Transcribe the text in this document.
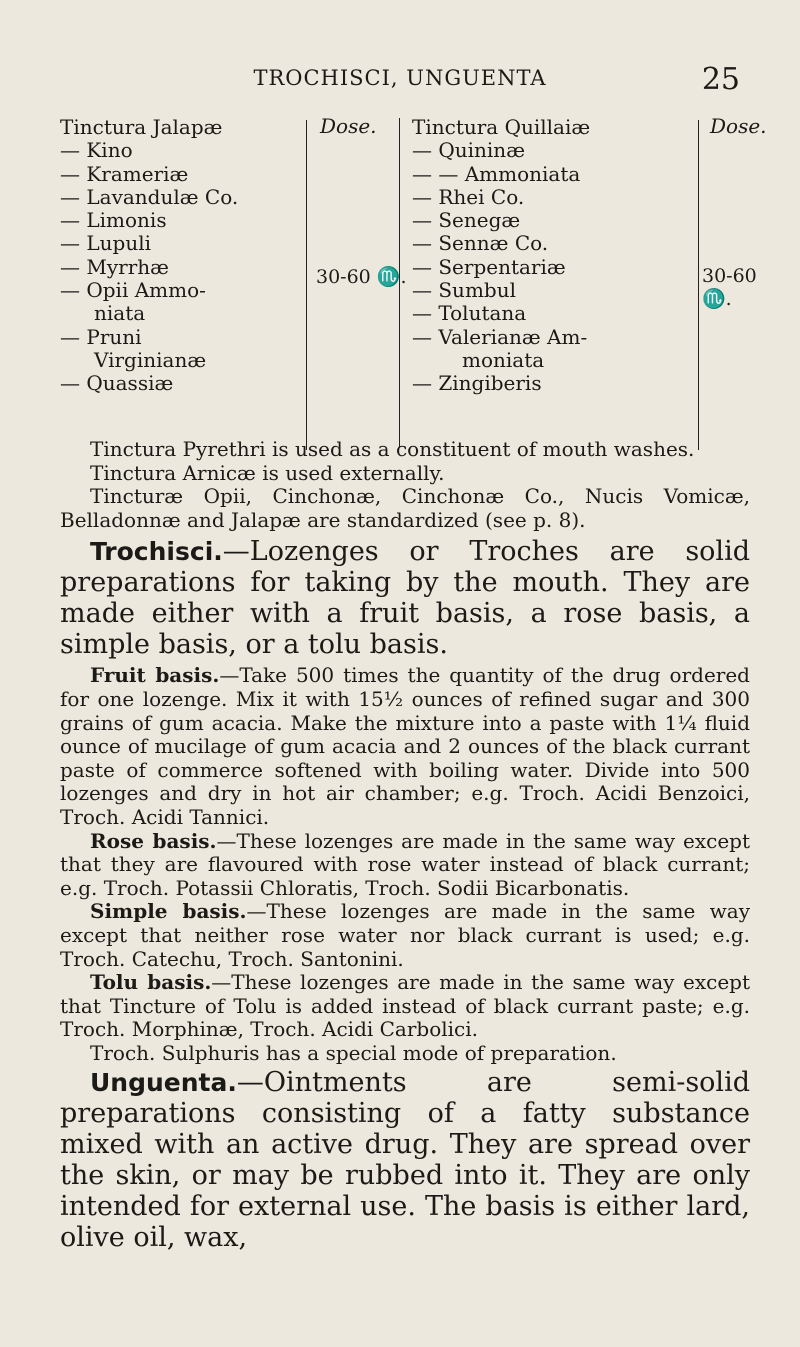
TROCHISCI, UNGUENTA	25
Dose.	Dose.
Tinctura Jalapæ
— Kino
— Krameriæ
— Lavandulæ Co.
— Limonis
— Lupuli
— Myrrhæ
— Opii Ammo-
niata
— Pruni
Virginianæ
— Quassiæ
30-60 ♏.
Tinctura Quillaiæ
— Quininæ
— — Ammoniata
— Rhei Co.
— Senegæ
— Sennæ Co.
— Serpentariæ
— Sumbul
— Tolutana
— Valerianæ Am-
moniata
— Zingiberis
30-60 ♏.

Tinctura Pyrethri is used as a constituent of mouth washes.

Tinctura Arnicæ is used externally.

Tincturæ Opii, Cinchonæ, Cinchonæ Co., Nucis Vomicæ, Belladonnæ and Jalapæ are standardized (see p. 8).

Trochisci.—Lozenges or Troches are solid preparations for taking by the mouth. They are made either with a fruit basis, a rose basis, a simple basis, or a tolu basis.

Fruit basis.—Take 500 times the quantity of the drug ordered for one lozenge. Mix it with 15½ ounces of refined sugar and 300 grains of gum acacia. Make the mixture into a paste with 1¼ fluid ounce of mucilage of gum acacia and 2 ounces of the black currant paste of commerce softened with boiling water. Divide into 500 lozenges and dry in hot air chamber; e.g. Troch. Acidi Benzoici, Troch. Acidi Tannici.

Rose basis.—These lozenges are made in the same way except that they are flavoured with rose water instead of black currant; e.g. Troch. Potassii Chloratis, Troch. Sodii Bicarbonatis.

Simple basis.—These lozenges are made in the same way except that neither rose water nor black currant is used; e.g. Troch. Catechu, Troch. Santonini.

Tolu basis.—These lozenges are made in the same way except that Tincture of Tolu is added instead of black currant paste; e.g. Troch. Morphinæ, Troch. Acidi Carbolici.

Troch. Sulphuris has a special mode of preparation.

Unguenta.—Ointments are semi-solid preparations consisting of a fatty substance mixed with an active drug. They are spread over the skin, or may be rubbed into it. They are only intended for external use. The basis is either lard, olive oil, wax,
